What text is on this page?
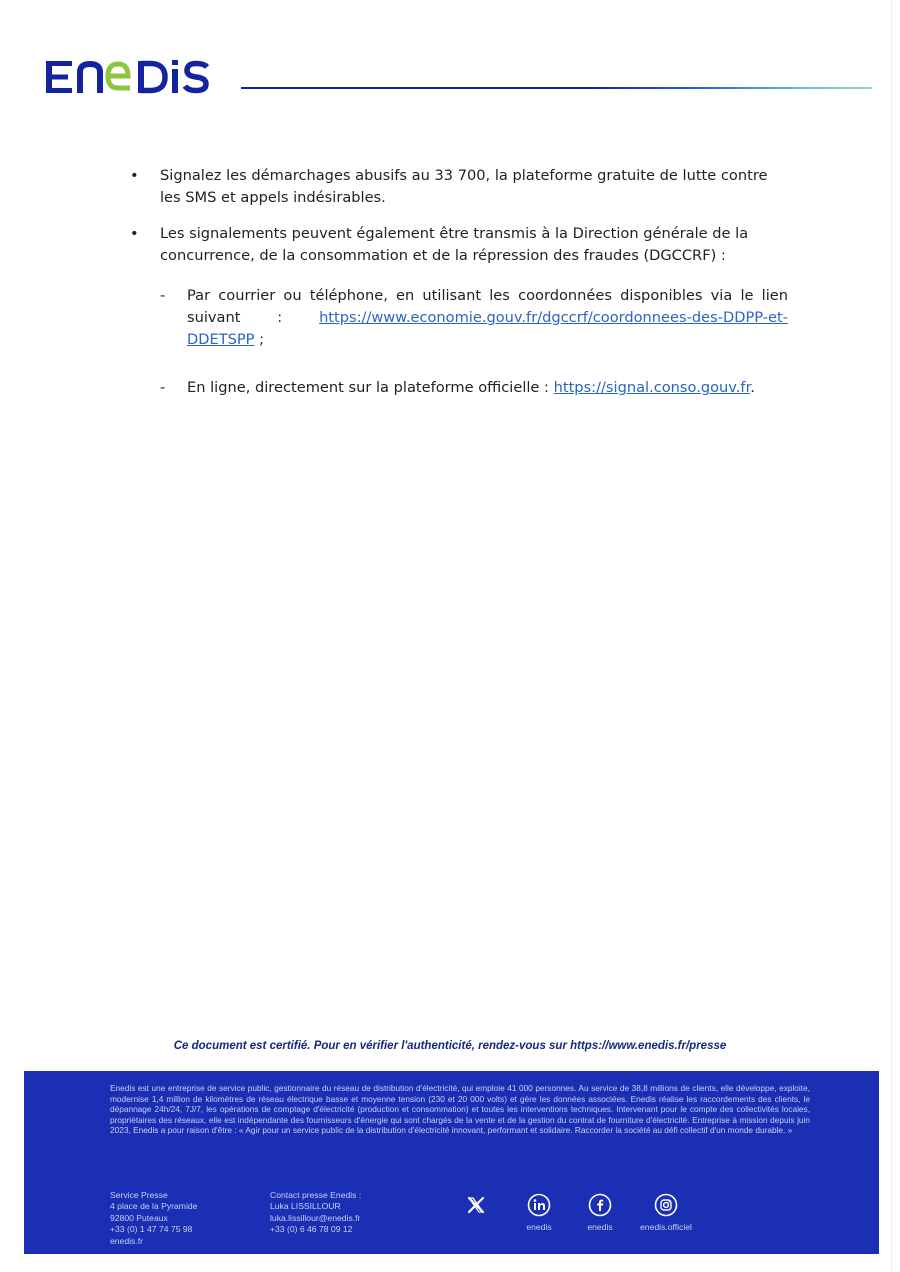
• Signalez les démarchages abusifs au 33 700, la plateforme gratuite de lutte contre les SMS et appels indésirables.
• Les signalements peuvent également être transmis à la Direction générale de la concurrence, de la consommation et de la répression des fraudes (DGCCRF) :
- Par courrier ou téléphone, en utilisant les coordonnées disponibles via le lien suivant : https://www.economie.gouv.fr/dgccrf/coordonnees-des-DDPP-et-DDETSPP ;
- En ligne, directement sur la plateforme officielle : https://signal.conso.gouv.fr.
Ce document est certifié. Pour en vérifier l'authenticité, rendez-vous sur https://www.enedis.fr/presse
Enedis est une entreprise de service public, gestionnaire du réseau de distribution d'électricité, qui emploie 41 000 personnes. Au service de 38,8 millions de clients, elle développe, exploite, modernise 1,4 million de kilomètres de réseau électrique basse et moyenne tension (230 et 20 000 volts) et gère les données associées. Enedis réalise les raccordements des clients, le dépannage 24h/24, 7J/7, les opérations de comptage d'électricité (production et consommation) et toutes les interventions techniques. Intervenant pour le compte des collectivités locales, propriétaires des réseaux, elle est indépendante des fournisseurs d'énergie qui sont chargés de la vente et de la gestion du contrat de fourniture d'électricité. Entreprise à mission depuis juin 2023, Enedis a pour raison d'être : « Agir pour un service public de la distribution d'électricité innovant, performant et solidaire. Raccorder la société au défi collectif d'un monde durable. »
Service Presse
4 place de la Pyramide
92800 Puteaux
+33 (0) 1 47 74 75 98
enedis.fr
Contact presse Enedis :
Luka LISSILLOUR
luka.lissillour@enedis.fr
+33 (0) 6 46 78 09 12	enedis	enedis	enedis.officiel
